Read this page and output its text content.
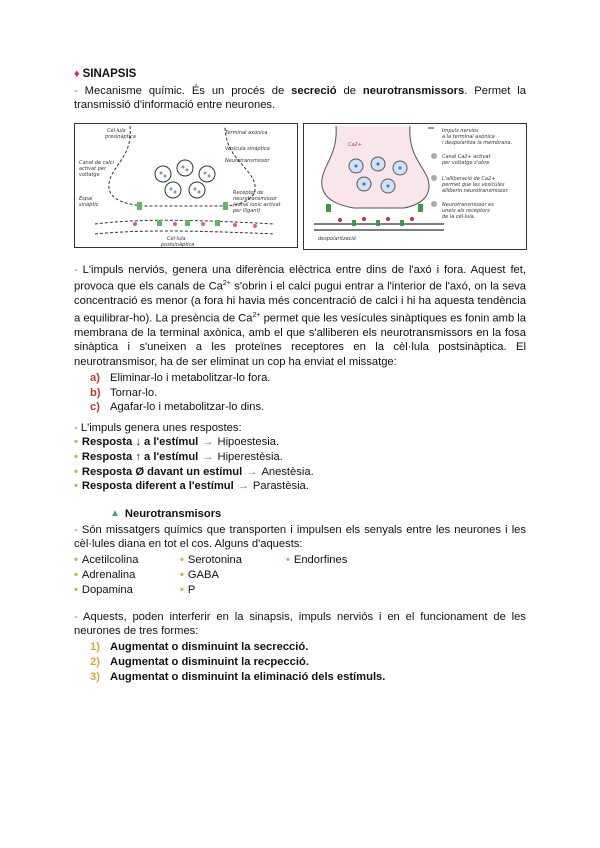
♦ SINAPSIS

- Mecanisme químic. És un procés de secreció de neurotransmissors. Permet la transmissió d'informació entre neurones.

Cèl·lula
presinàptica
Terminal axònica
Vesícula sinàptica
Neurotransmissor
Canal de calci
activat per
voltatge
Espai
sinàptic
Receptor de
neurotransmissor
(canal iònic activat
per lligant)
Cèl·lula
postsinàptica
Impuls nerviós
a la terminal axònica
i despolaritza la membrana.
Ca2+
Canal Ca2+ activat
per voltatge s'obre
L'alliberació de Ca2+
permet que les vesícules
alliberin neurotransmissor.
Neurotransmissor es
uneix als receptors
de la cèl·lula.
despolarització

- L'impuls nerviós, genera una diferència elèctrica entre dins de l'axó i fora. Aquest fet, provoca que els canals de $Ca^{2+}$ s'obrin i el calci pugui entrar a l'interior de l'axó, on la seva concentració es menor (a fora hi havia més concentració de calci i hi ha aquesta tendència a equilibrar-ho). La presència de $Ca^{2+}$ permet que les vesícules sinàptiques es fonin amb la membrana de la terminal axònica, amb el que s'alliberen els neurotransmissors en la fosa sinàptica i s'uneixen a les proteïnes receptores en la cèl·lula postsinàptica. El neurotransmisor, ha de ser eliminat un cop ha enviat el missatge:

a) Eliminar-lo i metabolitzar-lo fora.
b) Tornar-lo.
c) Agafar-lo i metabolitzar-lo dins.

- L'impuls genera unes respostes:

• Resposta ↓ a l'estímul → Hipoestesia.
• Resposta ↑ a l'estímul → Hiperestèsia.
• Resposta Ø davant un estímul → Anestèsia.
• Resposta diferent a l'estímul → Parastèsia.
▲ Neurotransmisors

- Són missatgers químics que transporten i impulsen els senyals entre les neurones i les cèl·lules diana en tot el cos. Alguns d'aquests:

• Acetilcolina	• Serotonina	• Endorfines
• Adrenalina	• GABA
• Dopamina	• P

- Aquests, poden interferir en la sinapsis, impuls nerviós i en el funcionament de les neurones de tres formes:

1) Augmentat o disminuint la secrecció.
2) Augmentat o disminuint la recpecció.
3) Augmentat o disminuint la eliminació dels estímuls.
